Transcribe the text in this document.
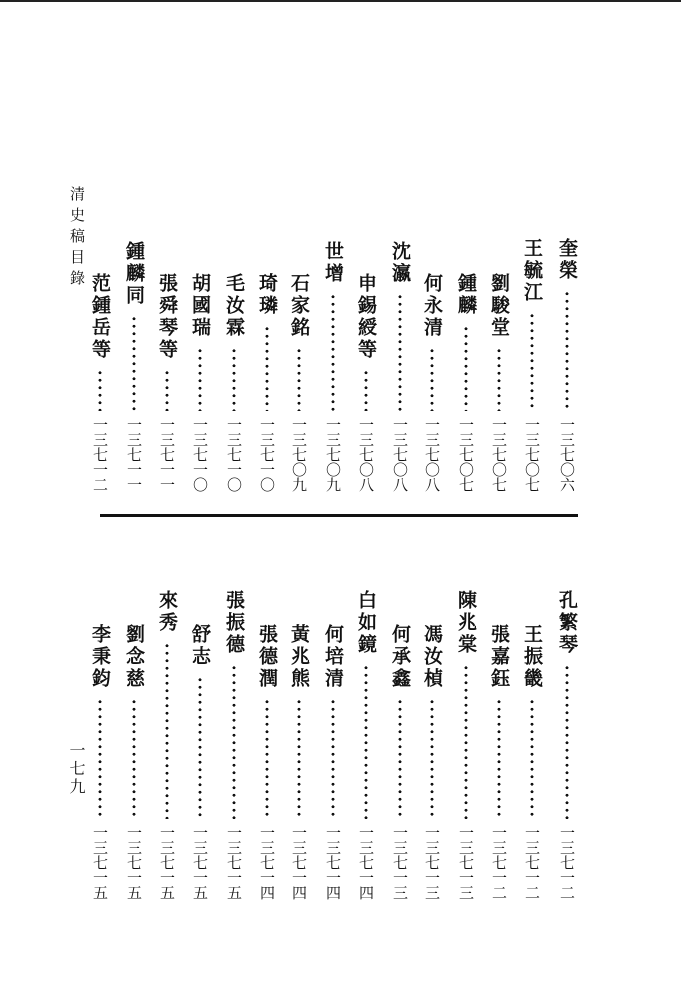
清史稿目錄
一七九
奎榮
一三七〇六
王毓江
一三七〇七
劉駿堂
一三七〇七
鍾麟
一三七〇七
何永清
一三七〇八
沈瀛
一三七〇八
申錫綬等
一三七〇八
世增
一三七〇九
石家銘
一三七〇九
琦璘
一三七一〇
毛汝霖
一三七一〇
胡國瑞
一三七一〇
張舜琴等
一三七一一
鍾麟同
一三七一一
范鍾岳等
一三七一二
孔繁琴
一三七一二
王振畿
一三七一二
張嘉鈺
一三七一二
陳兆棠
一三七一三
馮汝楨
一三七一三
何承鑫
一三七一三
白如鏡
一三七一四
何培清
一三七一四
黃兆熊
一三七一四
張德潤
一三七一四
張振德
一三七一五
舒志
一三七一五
來秀
一三七一五
劉念慈
一三七一五
李秉鈞
一三七一五
